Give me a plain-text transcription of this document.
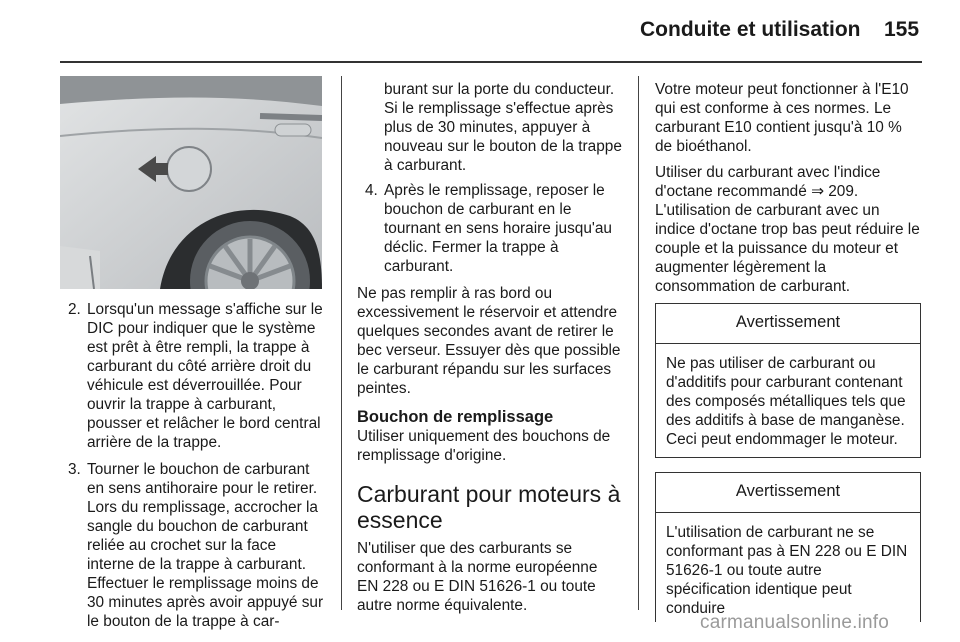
Conduite et utilisation 155
2. Lorsqu'un message s'affiche sur le DIC pour indiquer que le système est prêt à être rempli, la trappe à carburant du côté arrière droit du véhicule est déverrouillée. Pour ouvrir la trappe à carburant, pousser et relâcher le bord central arrière de la trappe.
3. Tourner le bouchon de carburant en sens antihoraire pour le retirer. Lors du remplissage, accrocher la sangle du bouchon de carburant reliée au crochet sur la face interne de la trappe à carburant. Effectuer le remplissage moins de 30 minutes après avoir appuyé sur le bouton de la trappe à car-
burant sur la porte du conducteur. Si le remplissage s'effectue après plus de 30 minutes, appuyer à nouveau sur le bouton de la trappe à carburant.
4. Après le remplissage, reposer le bouchon de carburant en le tournant en sens horaire jusqu'au déclic. Fermer la trappe à carburant.

Ne pas remplir à ras bord ou excessivement le réservoir et attendre quelques secondes avant de retirer le bec verseur. Essuyer dès que possible le carburant répandu sur les surfaces peintes.

Bouchon de remplissage

Utiliser uniquement des bouchons de remplissage d'origine.

Carburant pour moteurs à essence

N'utiliser que des carburants se conformant à la norme européenne EN 228 ou E DIN 51626-1 ou toute autre norme équivalente.

Votre moteur peut fonctionner à l'E10 qui est conforme à ces normes. Le carburant E10 contient jusqu'à 10 % de bioéthanol.

Utiliser du carburant avec l'indice d'octane recommandé ⇒ 209. L'utilisation de carburant avec un indice d'octane trop bas peut réduire le couple et la puissance du moteur et augmenter légèrement la consommation de carburant.

Avertissement
Ne pas utiliser de carburant ou d'additifs pour carburant contenant des composés métalliques tels que des additifs à base de manganèse. Ceci peut endommager le moteur.
Avertissement
L'utilisation de carburant ne se conformant pas à EN 228 ou E DIN 51626-1 ou toute autre spécification identique peut conduire
carmanualsonline.info
